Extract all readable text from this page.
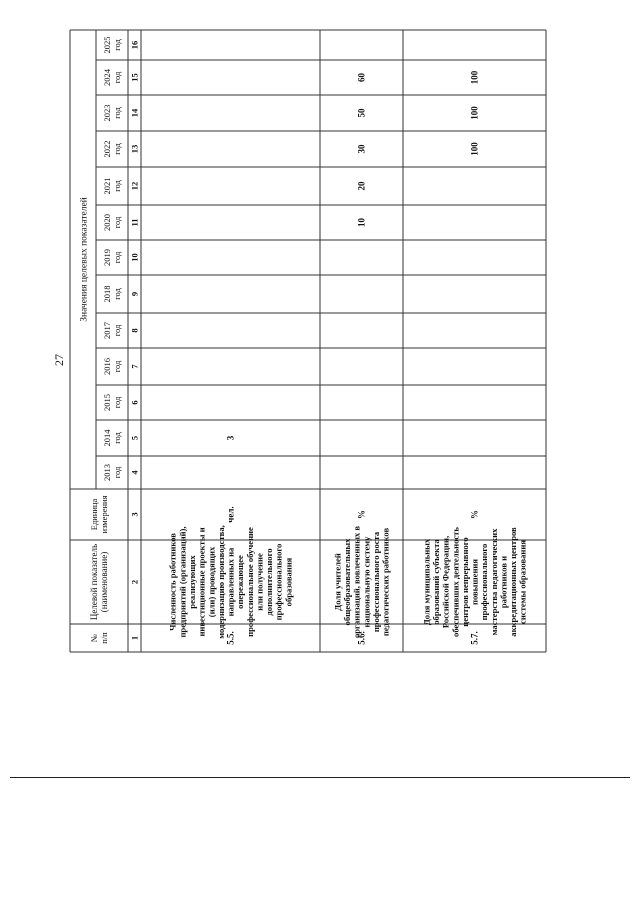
27
Значения целевых показателей
2013год
2014год
2015год
2016год
2017год
2018год
2019год
2020год
2021год
2022год
2023год
2024год
2025год
Единицаизмерения
Целевой показатель(наименование)
№п/п 1
2
3
4
5
6
7
8
9
10
11
12
13
14
15
16
5.5.
Численность работниковпредприятий (организаций),реализующихинвестиционные проекты и(или) проводящихмодернизацию производства,направленных наопережающеепрофессиональное обучениеили получениедополнительногопрофессиональногообразования
чел.
3
5.6.
Доля учителейобщеобразовательныхорганизаций, вовлеченных внациональную системупрофессионального ростапедагогических работников
%
10
20
30
50
60
5.7.
Доля муниципальныхобразований субъектаРоссийской Федерации,обеспечивших деятельностьцентров непрерывногоповышенияпрофессиональногомастерства педагогическихработников иаккредитационных центровсистемы образования
%
100
100
100
